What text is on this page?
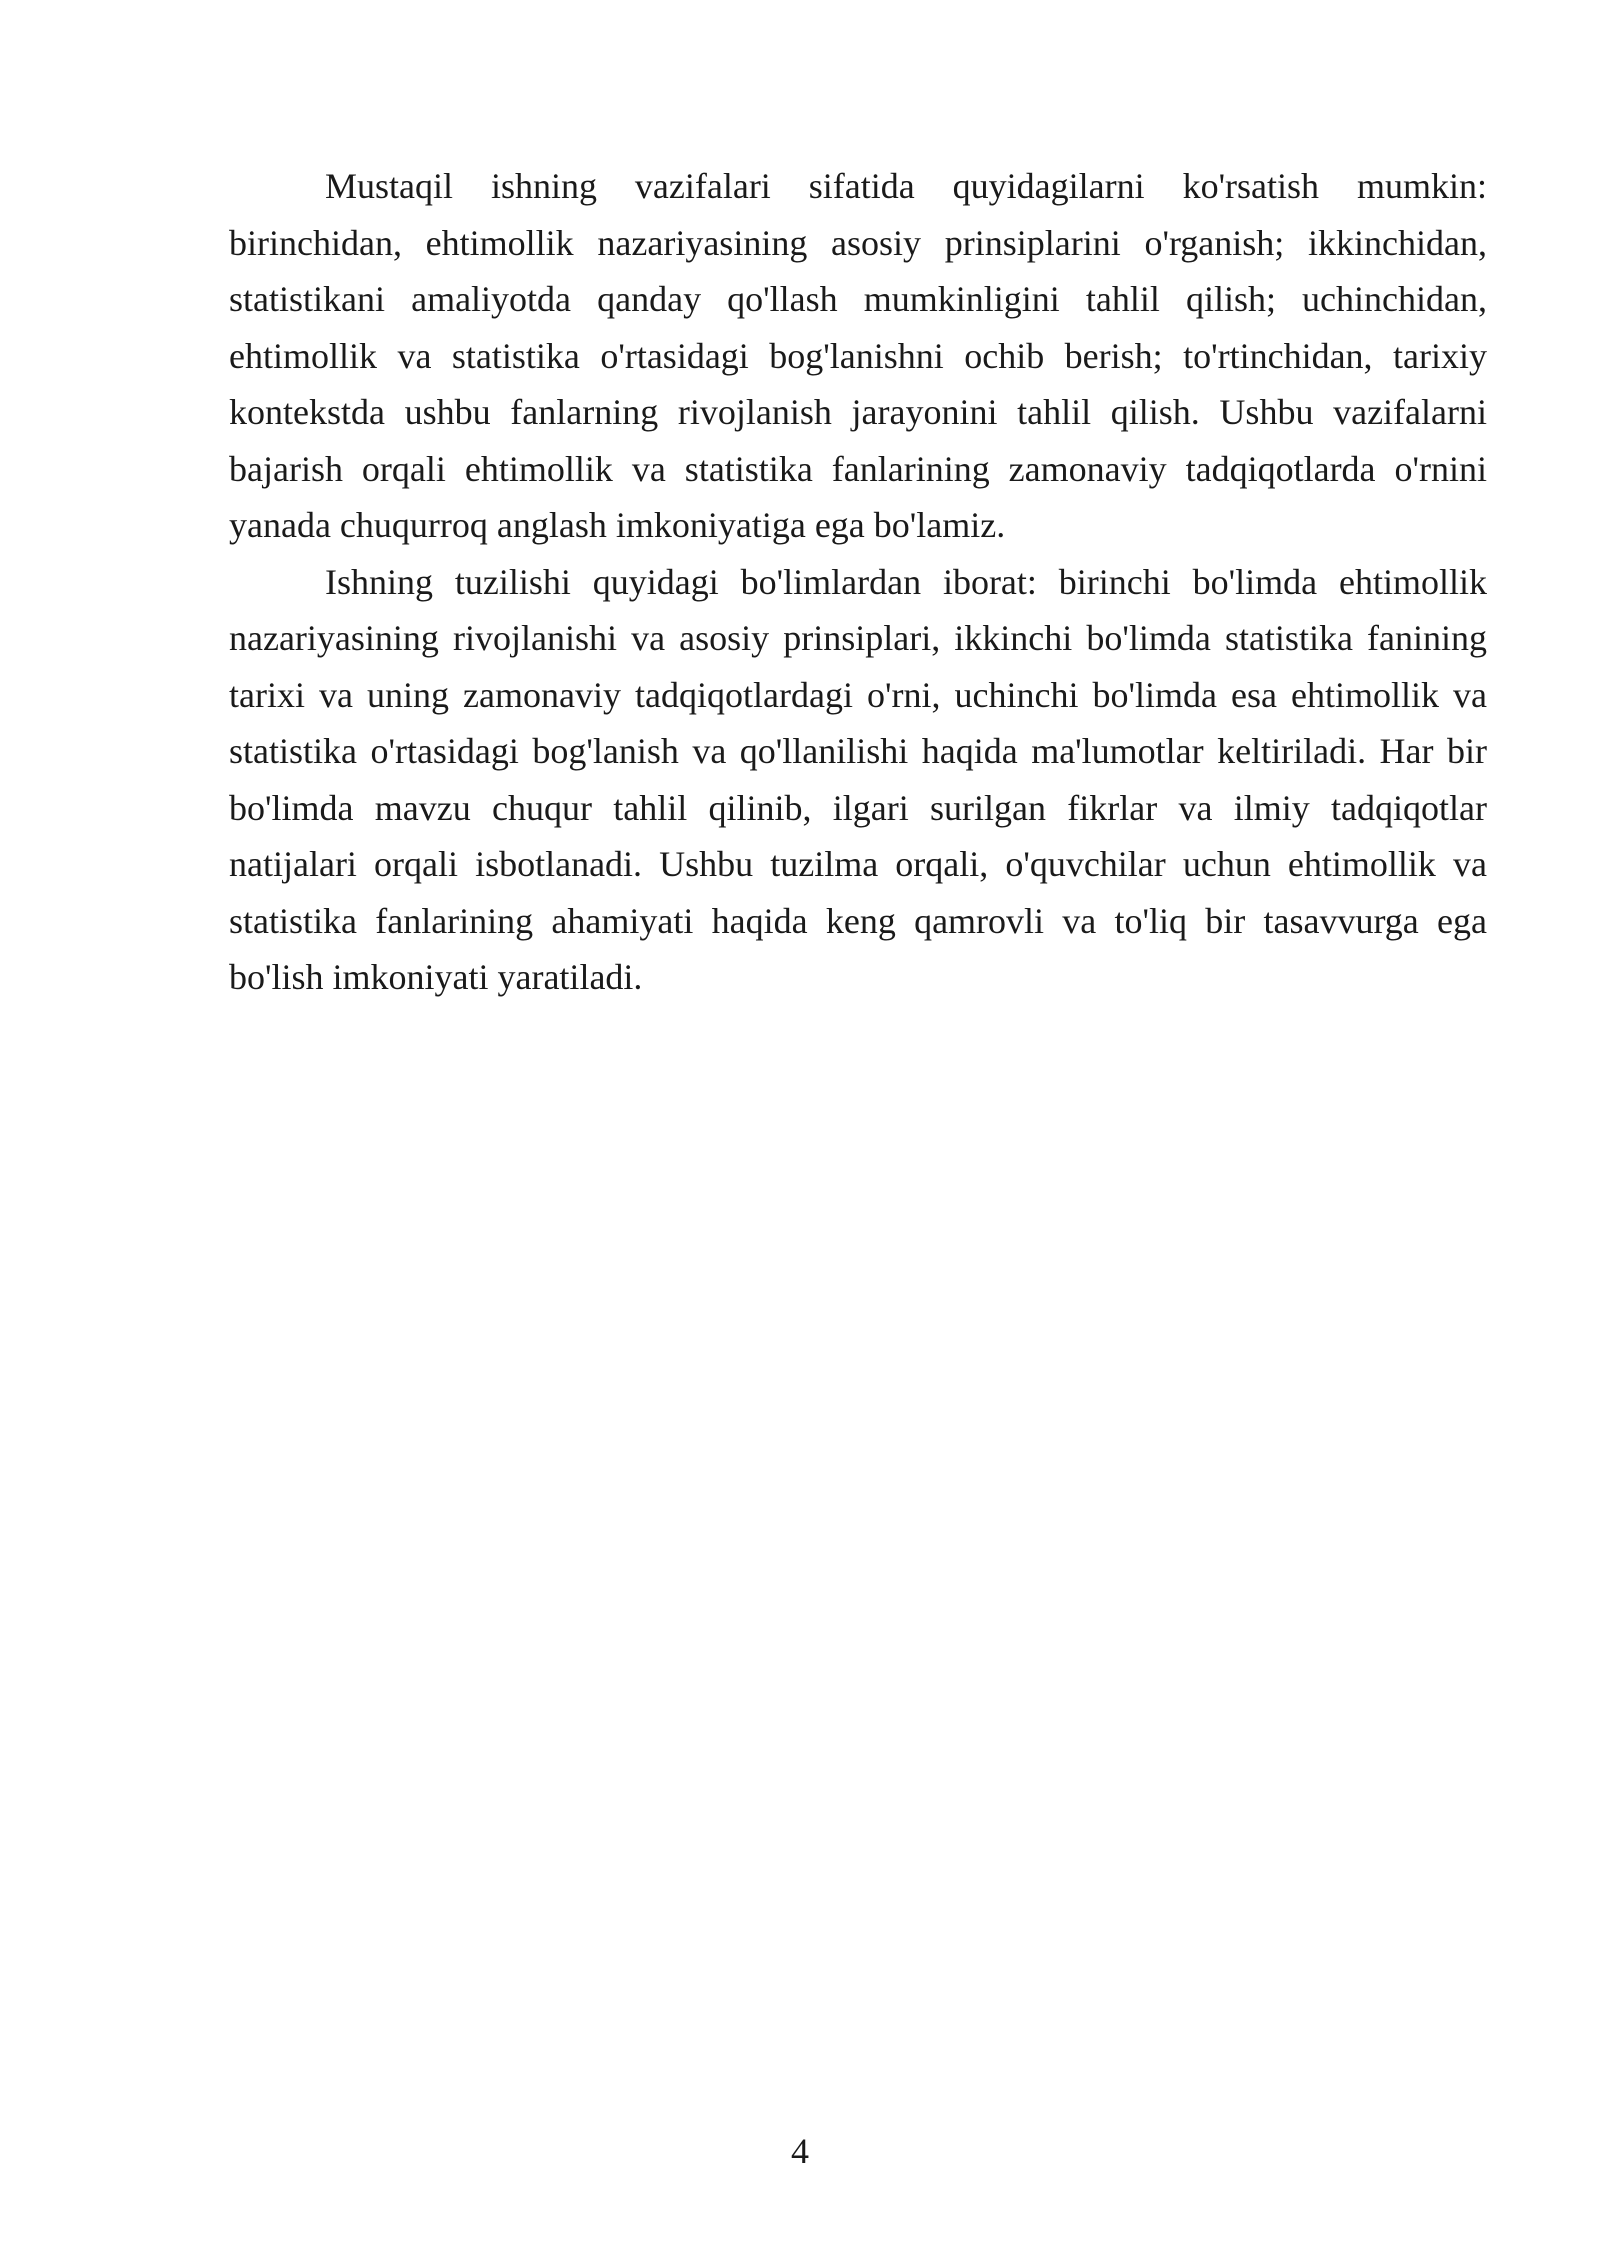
Mustaqil ishning vazifalari sifatida quyidagilarni ko'rsatish mumkin: birinchidan, ehtimollik nazariyasining asosiy prinsiplarini o'rganish; ikkinchidan, statistikani amaliyotda qanday qo'llash mumkinligini tahlil qilish; uchinchidan, ehtimollik va statistika o'rtasidagi bog'lanishni ochib berish; to'rtinchidan, tarixiy kontekstda ushbu fanlarning rivojlanish jarayonini tahlil qilish. Ushbu vazifalarni bajarish orqali ehtimollik va statistika fanlarining zamonaviy tadqiqotlarda o'rnini yanada chuqurroq anglash imkoniyatiga ega bo'lamiz.

Ishning tuzilishi quyidagi bo'limlardan iborat: birinchi bo'limda ehtimollik nazariyasining rivojlanishi va asosiy prinsiplari, ikkinchi bo'limda statistika fanining tarixi va uning zamonaviy tadqiqotlardagi o'rni, uchinchi bo'limda esa ehtimollik va statistika o'rtasidagi bog'lanish va qo'llanilishi haqida ma'lumotlar keltiriladi. Har bir bo'limda mavzu chuqur tahlil qilinib, ilgari surilgan fikrlar va ilmiy tadqiqotlar natijalari orqali isbotlanadi. Ushbu tuzilma orqali, o'quvchilar uchun ehtimollik va statistika fanlarining ahamiyati haqida keng qamrovli va to'liq bir tasavvurga ega bo'lish imkoniyati yaratiladi.

4
